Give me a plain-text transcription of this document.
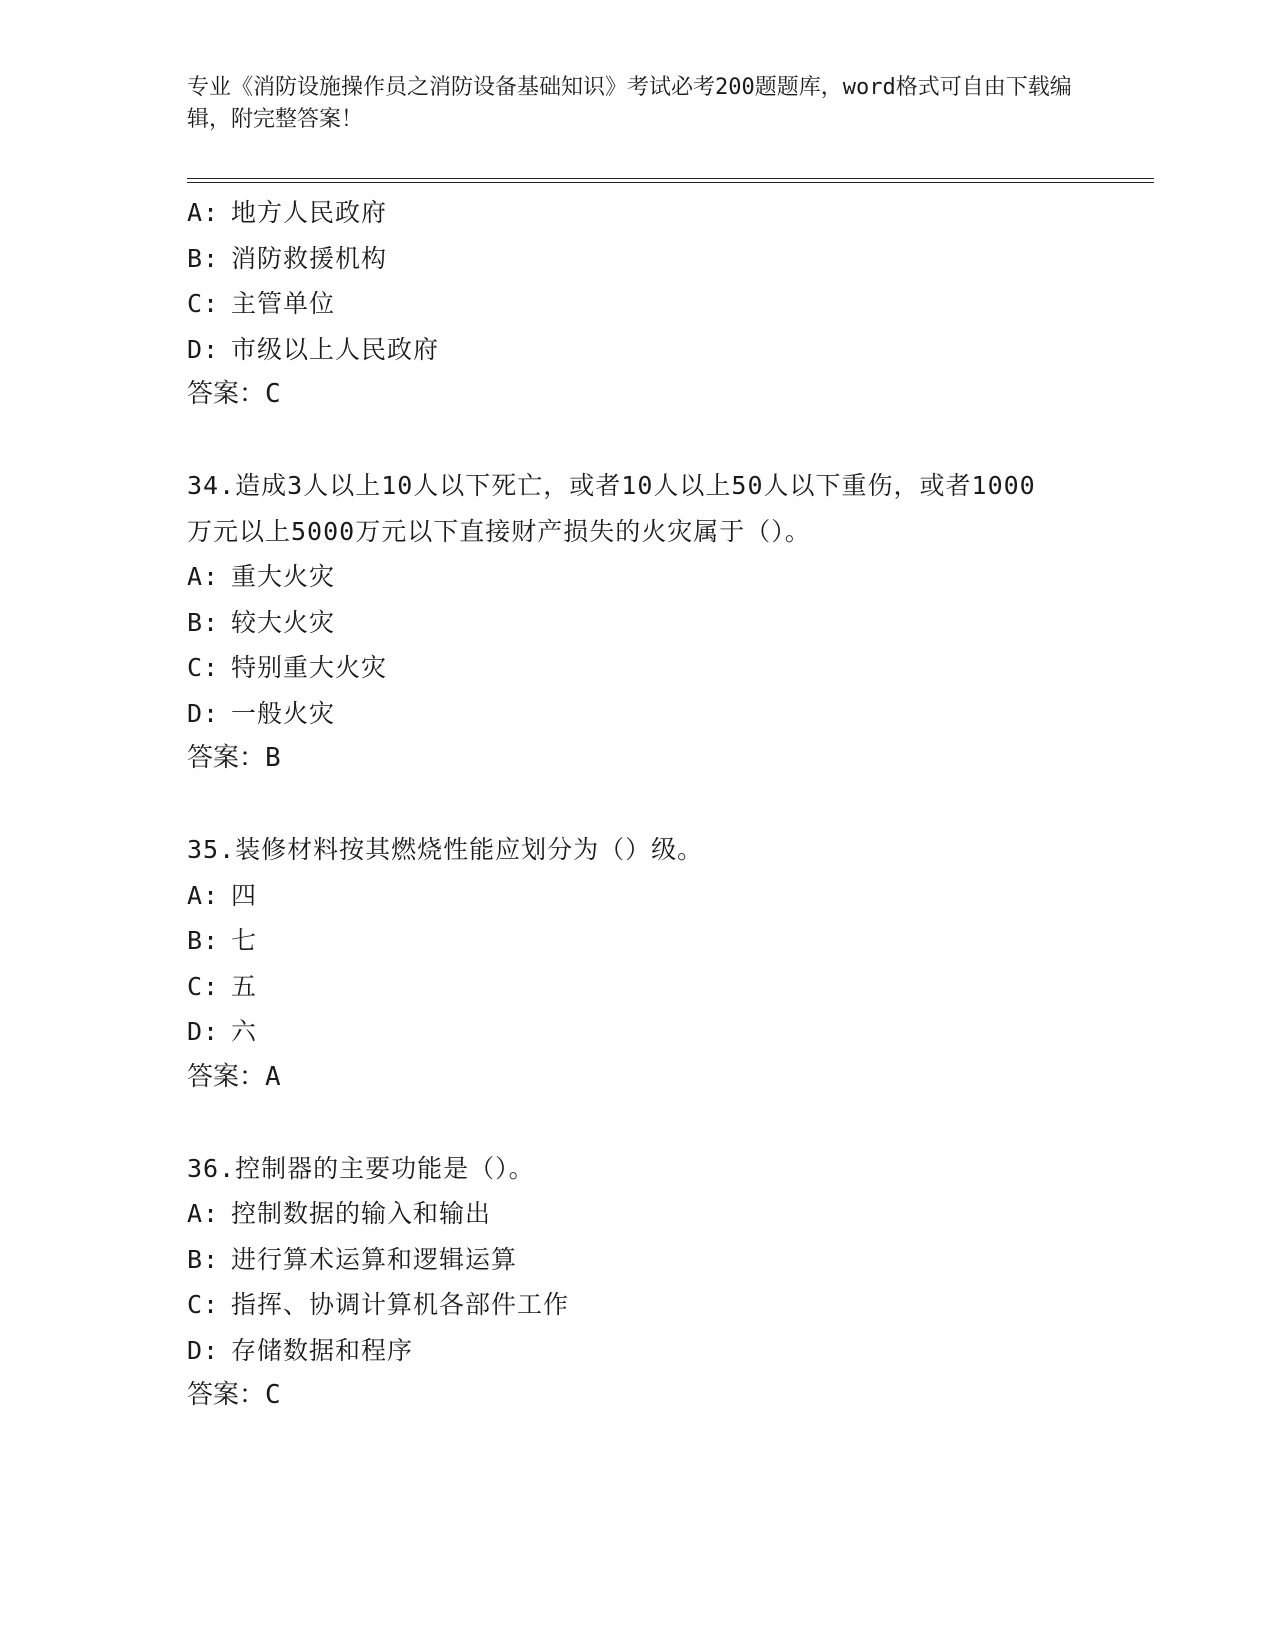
专业《消防设施操作员之消防设备基础知识》考试必考200题题库，word格式可自由下载编辑，附完整答案！
A: 地方人民政府
B: 消防救援机构
C: 主管单位
D: 市级以上人民政府
答案：C
34.造成3人以上10人以下死亡，或者10人以上50人以下重伤，或者1000万元以上5000万元以下直接财产损失的火灾属于（）。
A: 重大火灾
B: 较大火灾
C: 特别重大火灾
D: 一般火灾
答案：B
35.装修材料按其燃烧性能应划分为（）级。
A: 四
B: 七
C: 五
D: 六
答案：A
36.控制器的主要功能是（）。
A: 控制数据的输入和输出
B: 进行算术运算和逻辑运算
C: 指挥、协调计算机各部件工作
D: 存储数据和程序
答案：C
